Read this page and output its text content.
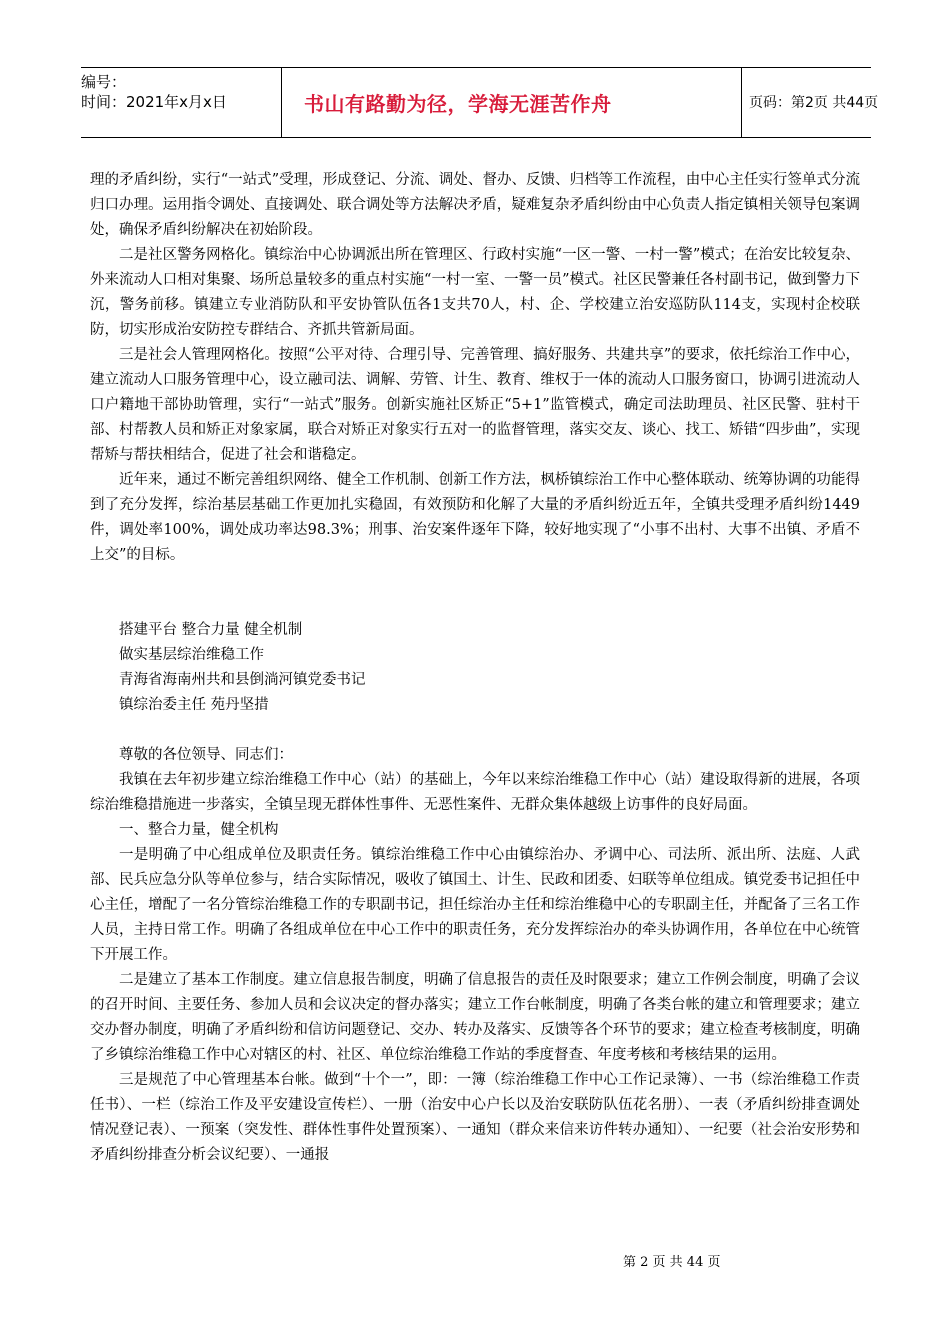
编号：
时间：2021年x月x日	书山有路勤为径，学海无涯苦作舟	页码：第2页 共44页

理的矛盾纠纷，实行“一站式”受理，形成登记、分流、调处、督办、反馈、归档等工作流程，由中心主任实行签单式分流归口办理。运用指令调处、直接调处、联合调处等方法解决矛盾，疑难复杂矛盾纠纷由中心负责人指定镇相关领导包案调处，确保矛盾纠纷解决在初始阶段。

二是社区警务网格化。镇综治中心协调派出所在管理区、行政村实施“一区一警、一村一警”模式；在治安比较复杂、外来流动人口相对集聚、场所总量较多的重点村实施“一村一室、一警一员”模式。社区民警兼任各村副书记，做到警力下沉，警务前移。镇建立专业消防队和平安协管队伍各1支共70人，村、企、学校建立治安巡防队114支，实现村企校联防，切实形成治安防控专群结合、齐抓共管新局面。

三是社会人管理网格化。按照“公平对待、合理引导、完善管理、搞好服务、共建共享”的要求，依托综治工作中心，建立流动人口服务管理中心，设立融司法、调解、劳管、计生、教育、维权于一体的流动人口服务窗口，协调引进流动人口户籍地干部协助管理，实行“一站式”服务。创新实施社区矫正“5+1”监管模式，确定司法助理员、社区民警、驻村干部、村帮教人员和矫正对象家属，联合对矫正对象实行五对一的监督管理，落实交友、谈心、找工、矫错“四步曲”，实现帮矫与帮扶相结合，促进了社会和谐稳定。

近年来，通过不断完善组织网络、健全工作机制、创新工作方法，枫桥镇综治工作中心整体联动、统筹协调的功能得到了充分发挥，综治基层基础工作更加扎实稳固，有效预防和化解了大量的矛盾纠纷近五年，全镇共受理矛盾纠纷1449件，调处率100%，调处成功率达98.3%；刑事、治安案件逐年下降，较好地实现了“小事不出村、大事不出镇、矛盾不上交”的目标。

搭建平台 整合力量 健全机制

做实基层综治维稳工作

青海省海南州共和县倒淌河镇党委书记

镇综治委主任 苑丹坚措

尊敬的各位领导、同志们：

我镇在去年初步建立综治维稳工作中心（站）的基础上，今年以来综治维稳工作中心（站）建设取得新的进展，各项综治维稳措施进一步落实，全镇呈现无群体性事件、无恶性案件、无群众集体越级上访事件的良好局面。

一、整合力量，健全机构

一是明确了中心组成单位及职责任务。镇综治维稳工作中心由镇综治办、矛调中心、司法所、派出所、法庭、人武部、民兵应急分队等单位参与，结合实际情况，吸收了镇国土、计生、民政和团委、妇联等单位组成。镇党委书记担任中心主任，增配了一名分管综治维稳工作的专职副书记，担任综治办主任和综治维稳中心的专职副主任，并配备了三名工作人员，主持日常工作。明确了各组成单位在中心工作中的职责任务，充分发挥综治办的牵头协调作用，各单位在中心统管下开展工作。

二是建立了基本工作制度。建立信息报告制度，明确了信息报告的责任及时限要求；建立工作例会制度，明确了会议的召开时间、主要任务、参加人员和会议决定的督办落实；建立工作台帐制度，明确了各类台帐的建立和管理要求；建立交办督办制度，明确了矛盾纠纷和信访问题登记、交办、转办及落实、反馈等各个环节的要求；建立检查考核制度，明确了乡镇综治维稳工作中心对辖区的村、社区、单位综治维稳工作站的季度督查、年度考核和考核结果的运用。

三是规范了中心管理基本台帐。做到“十个一”，即：一簿（综治维稳工作中心工作记录簿）、一书（综治维稳工作责任书）、一栏（综治工作及平安建设宣传栏）、一册（治安中心户长以及治安联防队伍花名册）、一表（矛盾纠纷排查调处情况登记表）、一预案（突发性、群体性事件处置预案）、一通知（群众来信来访件转办通知）、一纪要（社会治安形势和矛盾纠纷排查分析会议纪要）、一通报

第 2 页 共 44 页
